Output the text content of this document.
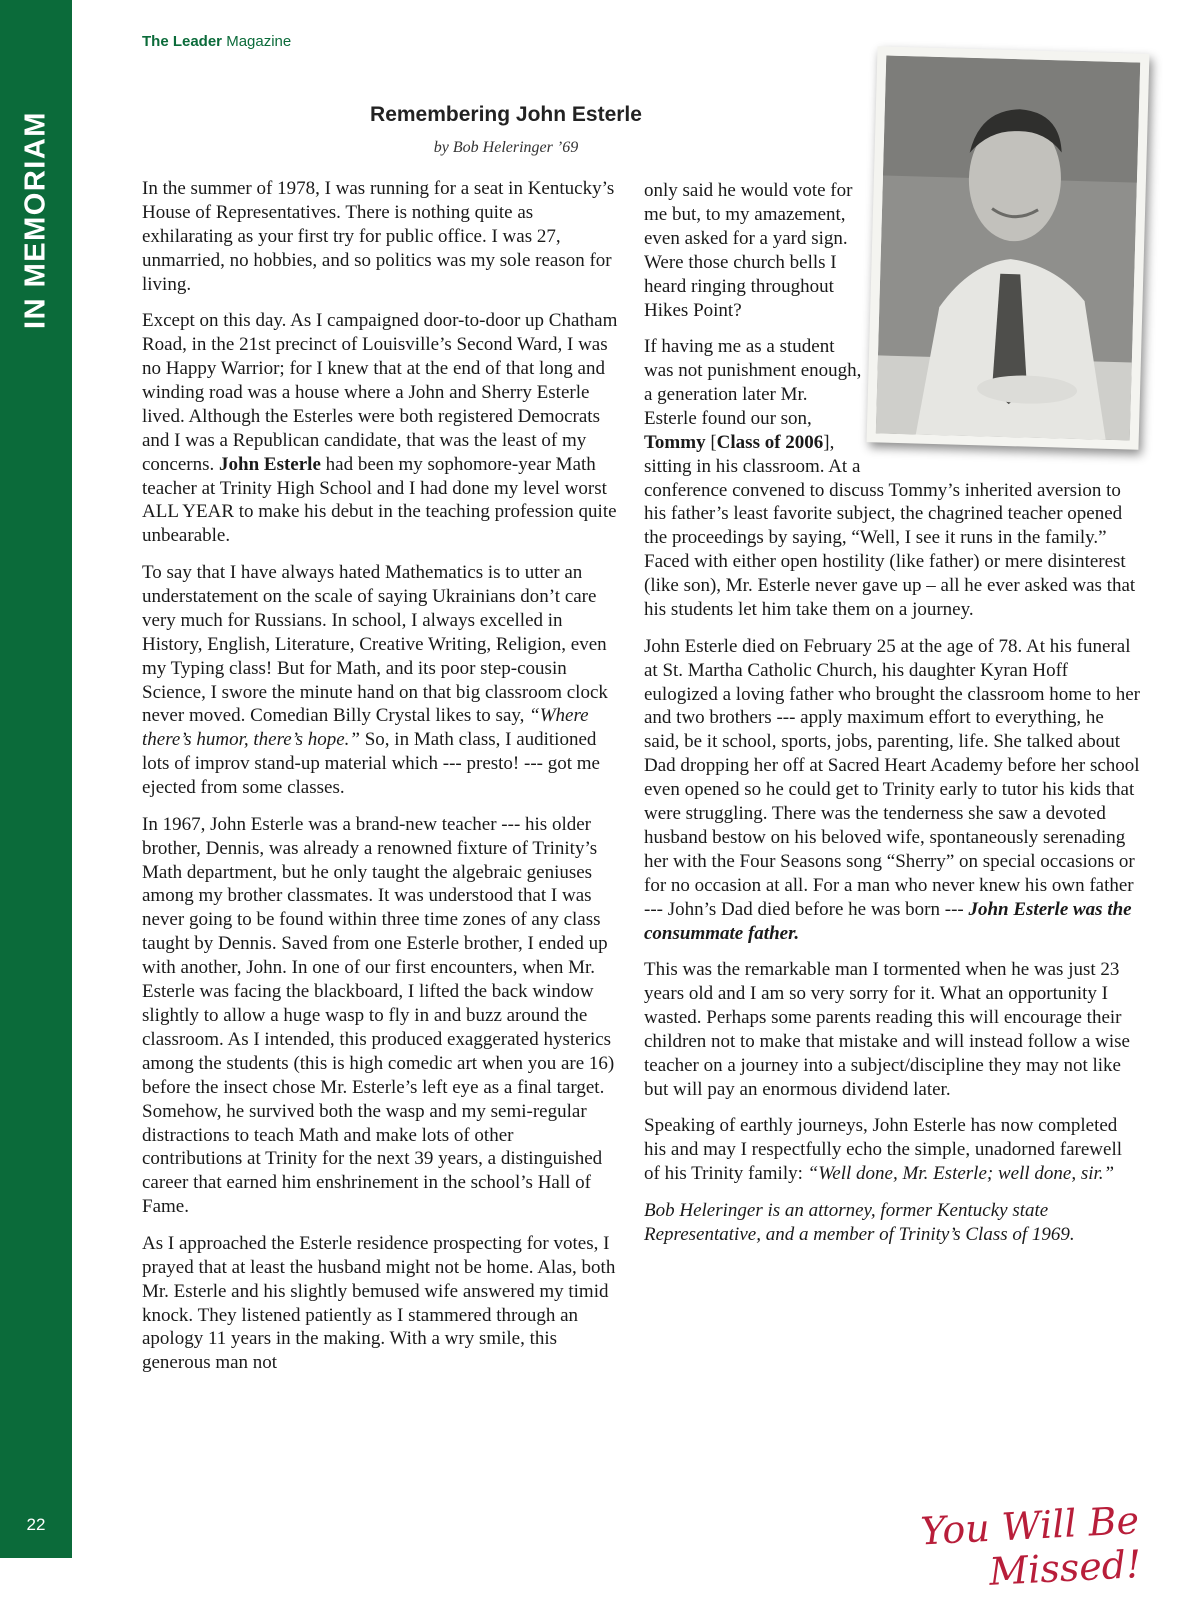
IN MEMORIAM
22
The Leader Magazine
Remembering John Esterle
by Bob Heleringer ’69

In the summer of 1978, I was running for a seat in Kentucky’s House of Representatives. There is nothing quite as exhilarating as your first try for public office. I was 27, unmarried, no hobbies, and so politics was my sole reason for living.

Except on this day. As I campaigned door-to-door up Chatham Road, in the 21st precinct of Louisville’s Second Ward, I was no Happy Warrior; for I knew that at the end of that long and winding road was a house where a John and Sherry Esterle lived. Although the Esterles were both registered Democrats and I was a Republican candidate, that was the least of my concerns. John Esterle had been my sophomore-year Math teacher at Trinity High School and I had done my level worst ALL YEAR to make his debut in the teaching profession quite unbearable.

To say that I have always hated Mathematics is to utter an understatement on the scale of saying Ukrainians don’t care very much for Russians. In school, I always excelled in History, English, Literature, Creative Writing, Religion, even my Typing class! But for Math, and its poor step-cousin Science, I swore the minute hand on that big classroom clock never moved. Comedian Billy Crystal likes to say, “Where there’s humor, there’s hope.” So, in Math class, I auditioned lots of improv stand-up material which --- presto! --- got me ejected from some classes.

In 1967, John Esterle was a brand-new teacher --- his older brother, Dennis, was already a renowned fixture of Trinity’s Math department, but he only taught the algebraic geniuses among my brother classmates. It was understood that I was never going to be found within three time zones of any class taught by Dennis. Saved from one Esterle brother, I ended up with another, John. In one of our first encounters, when Mr. Esterle was facing the blackboard, I lifted the back window slightly to allow a huge wasp to fly in and buzz around the classroom. As I intended, this produced exaggerated hysterics among the students (this is high comedic art when you are 16) before the insect chose Mr. Esterle’s left eye as a final target. Somehow, he survived both the wasp and my semi-regular distractions to teach Math and make lots of other contributions at Trinity for the next 39 years, a distinguished career that earned him enshrinement in the school’s Hall of Fame.

As I approached the Esterle residence prospecting for votes, I prayed that at least the husband might not be home. Alas, both Mr. Esterle and his slightly bemused wife answered my timid knock. They listened patiently as I stammered through an apology 11 years in the making. With a wry smile, this generous man not

only said he would vote for me but, to my amazement, even asked for a yard sign. Were those church bells I heard ringing throughout Hikes Point?

If having me as a student was not punishment enough, a generation later Mr. Esterle found our son, Tommy [Class of 2006], sitting in his classroom. At a conference convened to discuss Tommy’s inherited aversion to his father’s least favorite subject, the chagrined teacher opened the proceedings by saying, “Well, I see it runs in the family.” Faced with either open hostility (like father) or mere disinterest (like son), Mr. Esterle never gave up – all he ever asked was that his students let him take them on a journey.

John Esterle died on February 25 at the age of 78. At his funeral at St. Martha Catholic Church, his daughter Kyran Hoff eulogized a loving father who brought the classroom home to her and two brothers --- apply maximum effort to everything, he said, be it school, sports, jobs, parenting, life. She talked about Dad dropping her off at Sacred Heart Academy before her school even opened so he could get to Trinity early to tutor his kids that were struggling. There was the tenderness she saw a devoted husband bestow on his beloved wife, spontaneously serenading her with the Four Seasons song “Sherry” on special occasions or for no occasion at all. For a man who never knew his own father --- John’s Dad died before he was born --- John Esterle was the consummate father.

This was the remarkable man I tormented when he was just 23 years old and I am so very sorry for it. What an opportunity I wasted. Perhaps some parents reading this will encourage their children not to make that mistake and will instead follow a wise teacher on a journey into a subject/discipline they may not like but will pay an enormous dividend later.

Speaking of earthly journeys, John Esterle has now completed his and may I respectfully echo the simple, unadorned farewell of his Trinity family: “Well done, Mr. Esterle; well done, sir.”

Bob Heleringer is an attorney, former Kentucky state Representative, and a member of Trinity’s Class of 1969.

You Will Be Missed!
